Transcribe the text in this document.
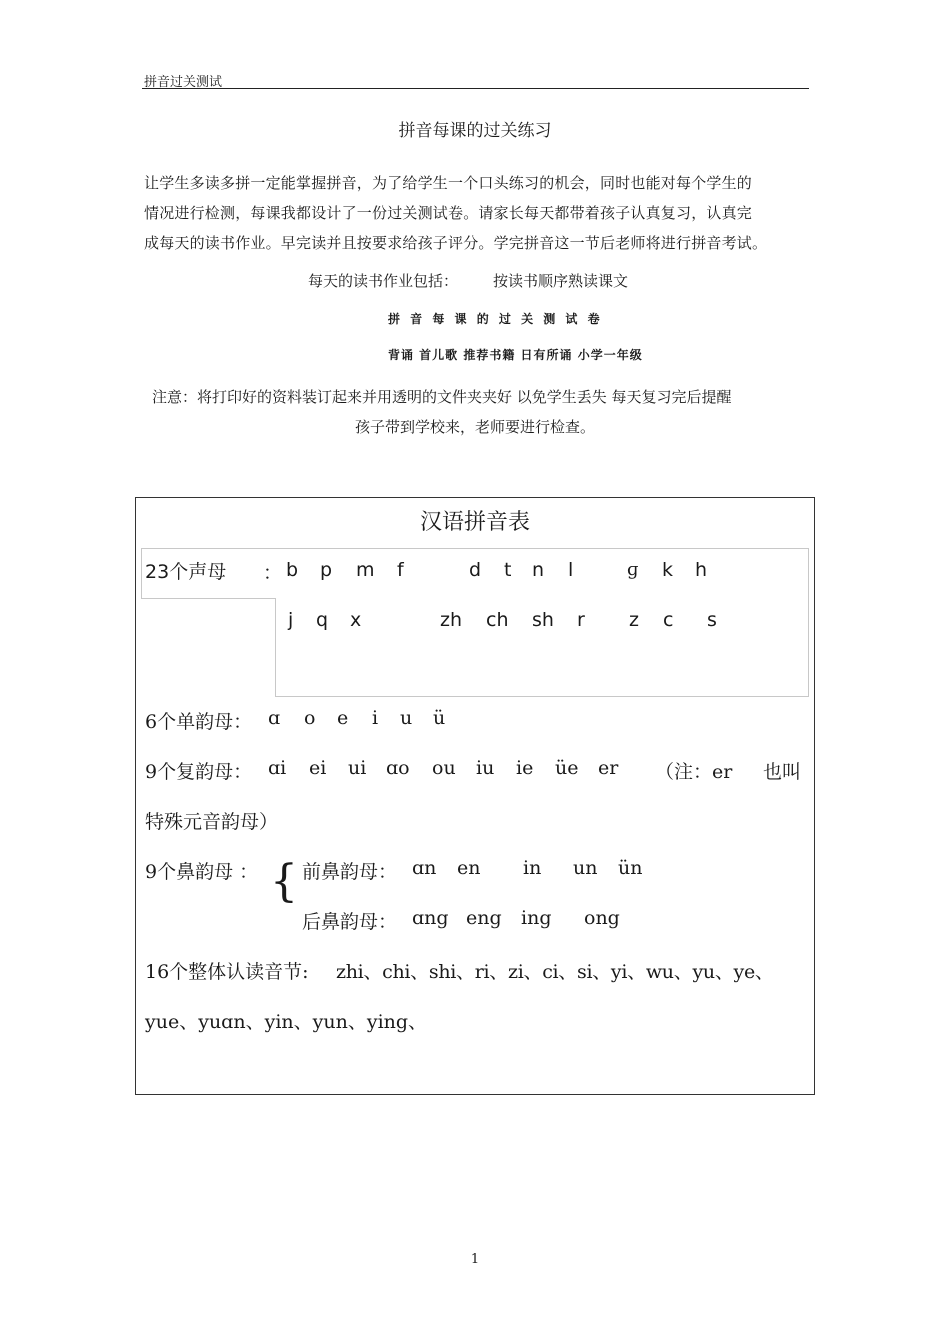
拼音过关测试
拼音每课的过关练习
让学生多读多拼一定能掌握拼音，为了给学生一个口头练习的机会，同时也能对每个学生的
情况进行检测，每课我都设计了一份过关测试卷。请家长每天都带着孩子认真复习，认真完
成每天的读书作业。早完读并且按要求给孩子评分。学完拼音这一节后老师将进行拼音考试。
每天的读书作业包括： 按读书顺序熟读课文
拼 音 每 课 的 过 关 测 试 卷
背诵 首儿歌 推荐书籍 日有所诵 小学一年级
注意：将打印好的资料装订起来并用透明的文件夹夹好 以免学生丢失 每天复习完后提醒
孩子带到学校来，老师要进行检查。
汉语拼音表
23个声母 ： b p m f	d t n l	ɡ k h
j q x	zh ch sh r z c s
6个单韵母： ɑ o e i u ü
9个复韵母： ɑi ei ui ɑo ou iu ie üe er （注：er 也叫
特殊元音韵母）
9个鼻韵母 ： { 前鼻韵母： ɑn en in un ün
后鼻韵母： ɑng eng ing ong
16个整体认读音节: zhi、chi、shi、ri、zi、ci、si、yi、wu、yu、ye、
yue、yuɑn、yin、yun、ying、
1
